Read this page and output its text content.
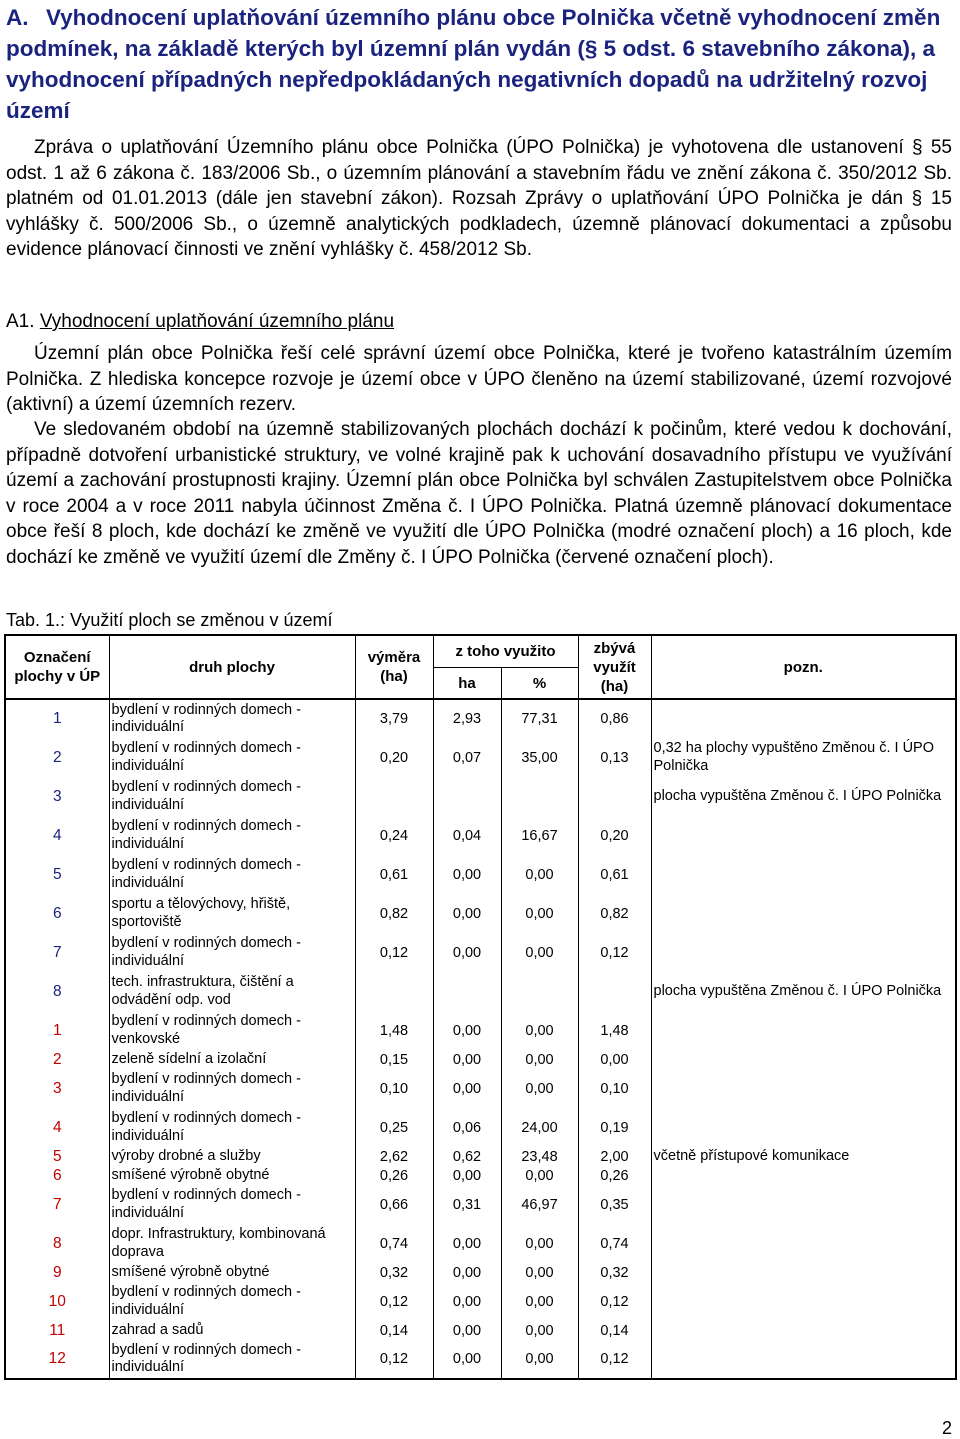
A. Vyhodnocení uplatňování územního plánu obce Polnička včetně vyhodnocení změn podmínek, na základě kterých byl územní plán vydán (§ 5 odst. 6 stavebního zákona), a vyhodnocení případných nepředpokládaných negativních dopadů na udržitelný rozvoj území
Zpráva o uplatňování Územního plánu obce Polnička (ÚPO Polnička) je vyhotovena dle ustanovení § 55 odst. 1 až 6 zákona č. 183/2006 Sb., o územním plánování a stavebním řádu ve znění zákona č. 350/2012 Sb. platném od 01.01.2013 (dále jen stavební zákon). Rozsah Zprávy o uplatňování ÚPO Polnička je dán § 15 vyhlášky č. 500/2006 Sb., o územně analytických podkladech, územně plánovací dokumentaci a způsobu evidence plánovací činnosti ve znění vyhlášky č. 458/2012 Sb.
A1. Vyhodnocení uplatňování územního plánu
Územní plán obce Polnička řeší celé správní území obce Polnička, které je tvořeno katastrálním územím Polnička. Z hlediska koncepce rozvoje je území obce v ÚPO členěno na území stabilizované, území rozvojové (aktivní) a území územních rezerv.
Ve sledovaném období na územně stabilizovaných plochách dochází k počinům, které vedou k dochování, případně dotvoření urbanistické struktury, ve volné krajině pak k uchování dosavadního přístupu ve využívání území a zachování prostupnosti krajiny. Územní plán obce Polnička byl schválen Zastupitelstvem obce Polnička v roce 2004 a v roce 2011 nabyla účinnost Změna č. I ÚPO Polnička. Platná územně plánovací dokumentace obce řeší 8 ploch, kde dochází ke změně ve využití dle ÚPO Polnička (modré označení ploch) a 16 ploch, kde dochází ke změně ve využití území dle Změny č. I ÚPO Polnička (červené označení ploch).
Tab. 1.: Využití ploch se změnou v území
Označení plochy v ÚP	druh plochy	výměra (ha)	z toho využito		zbývá využít (ha)	pozn.
			ha	%		
1	bydlení v rodinných domech - individuální	3,79	2,93	77,31	0,86	
2	bydlení v rodinných domech - individuální	0,20	0,07	35,00	0,13	0,32 ha plochy vypuštěno Změnou č. I ÚPO Polnička
3	bydlení v rodinných domech - individuální					plocha vypuštěna Změnou č. I ÚPO Polnička
4	bydlení v rodinných domech - individuální	0,24	0,04	16,67	0,20	
5	bydlení v rodinných domech - individuální	0,61	0,00	0,00	0,61	
6	sportu a tělovýchovy, hřiště, sportoviště	0,82	0,00	0,00	0,82	
7	bydlení v rodinných domech - individuální	0,12	0,00	0,00	0,12	
8	tech. infrastruktura, čištění a odvádění odp. vod					plocha vypuštěna Změnou č. I ÚPO Polnička
1	bydlení v rodinných domech - venkovské	1,48	0,00	0,00	1,48	
2	zeleně sídelní a izolační	0,15	0,00	0,00	0,00	
3	bydlení v rodinných domech - individuální	0,10	0,00	0,00	0,10	
4	bydlení v rodinných domech - individuální	0,25	0,06	24,00	0,19	
5	výroby drobné a služby	2,62	0,62	23,48	2,00	včetně přístupové komunikace
6	smíšené výrobně obytné	0,26	0,00	0,00	0,26	
7	bydlení v rodinných domech - individuální	0,66	0,31	46,97	0,35	
8	dopr. Infrastruktury, kombinovaná doprava	0,74	0,00	0,00	0,74	
9	smíšené výrobně obytné	0,32	0,00	0,00	0,32	
10	bydlení v rodinných domech - individuální	0,12	0,00	0,00	0,12	
11	zahrad a sadů	0,14	0,00	0,00	0,14	
12	bydlení v rodinných domech - individuální	0,12	0,00	0,00	0,12	
2
